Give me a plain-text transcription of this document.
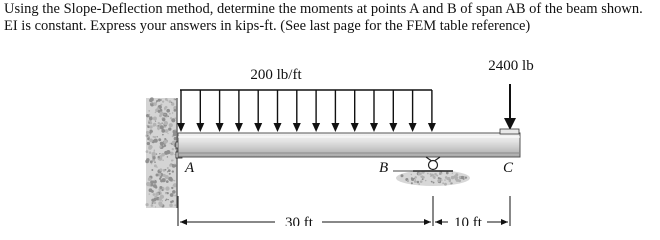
Using the Slope-Deflection method, determine the moments at points A and B of span AB of the beam shown.
EI is constant. Express your answers in kips-ft. (See last page for the FEM table reference)
200 lb/ft
2400 lb
A	B	C
30 ft	10 ft
